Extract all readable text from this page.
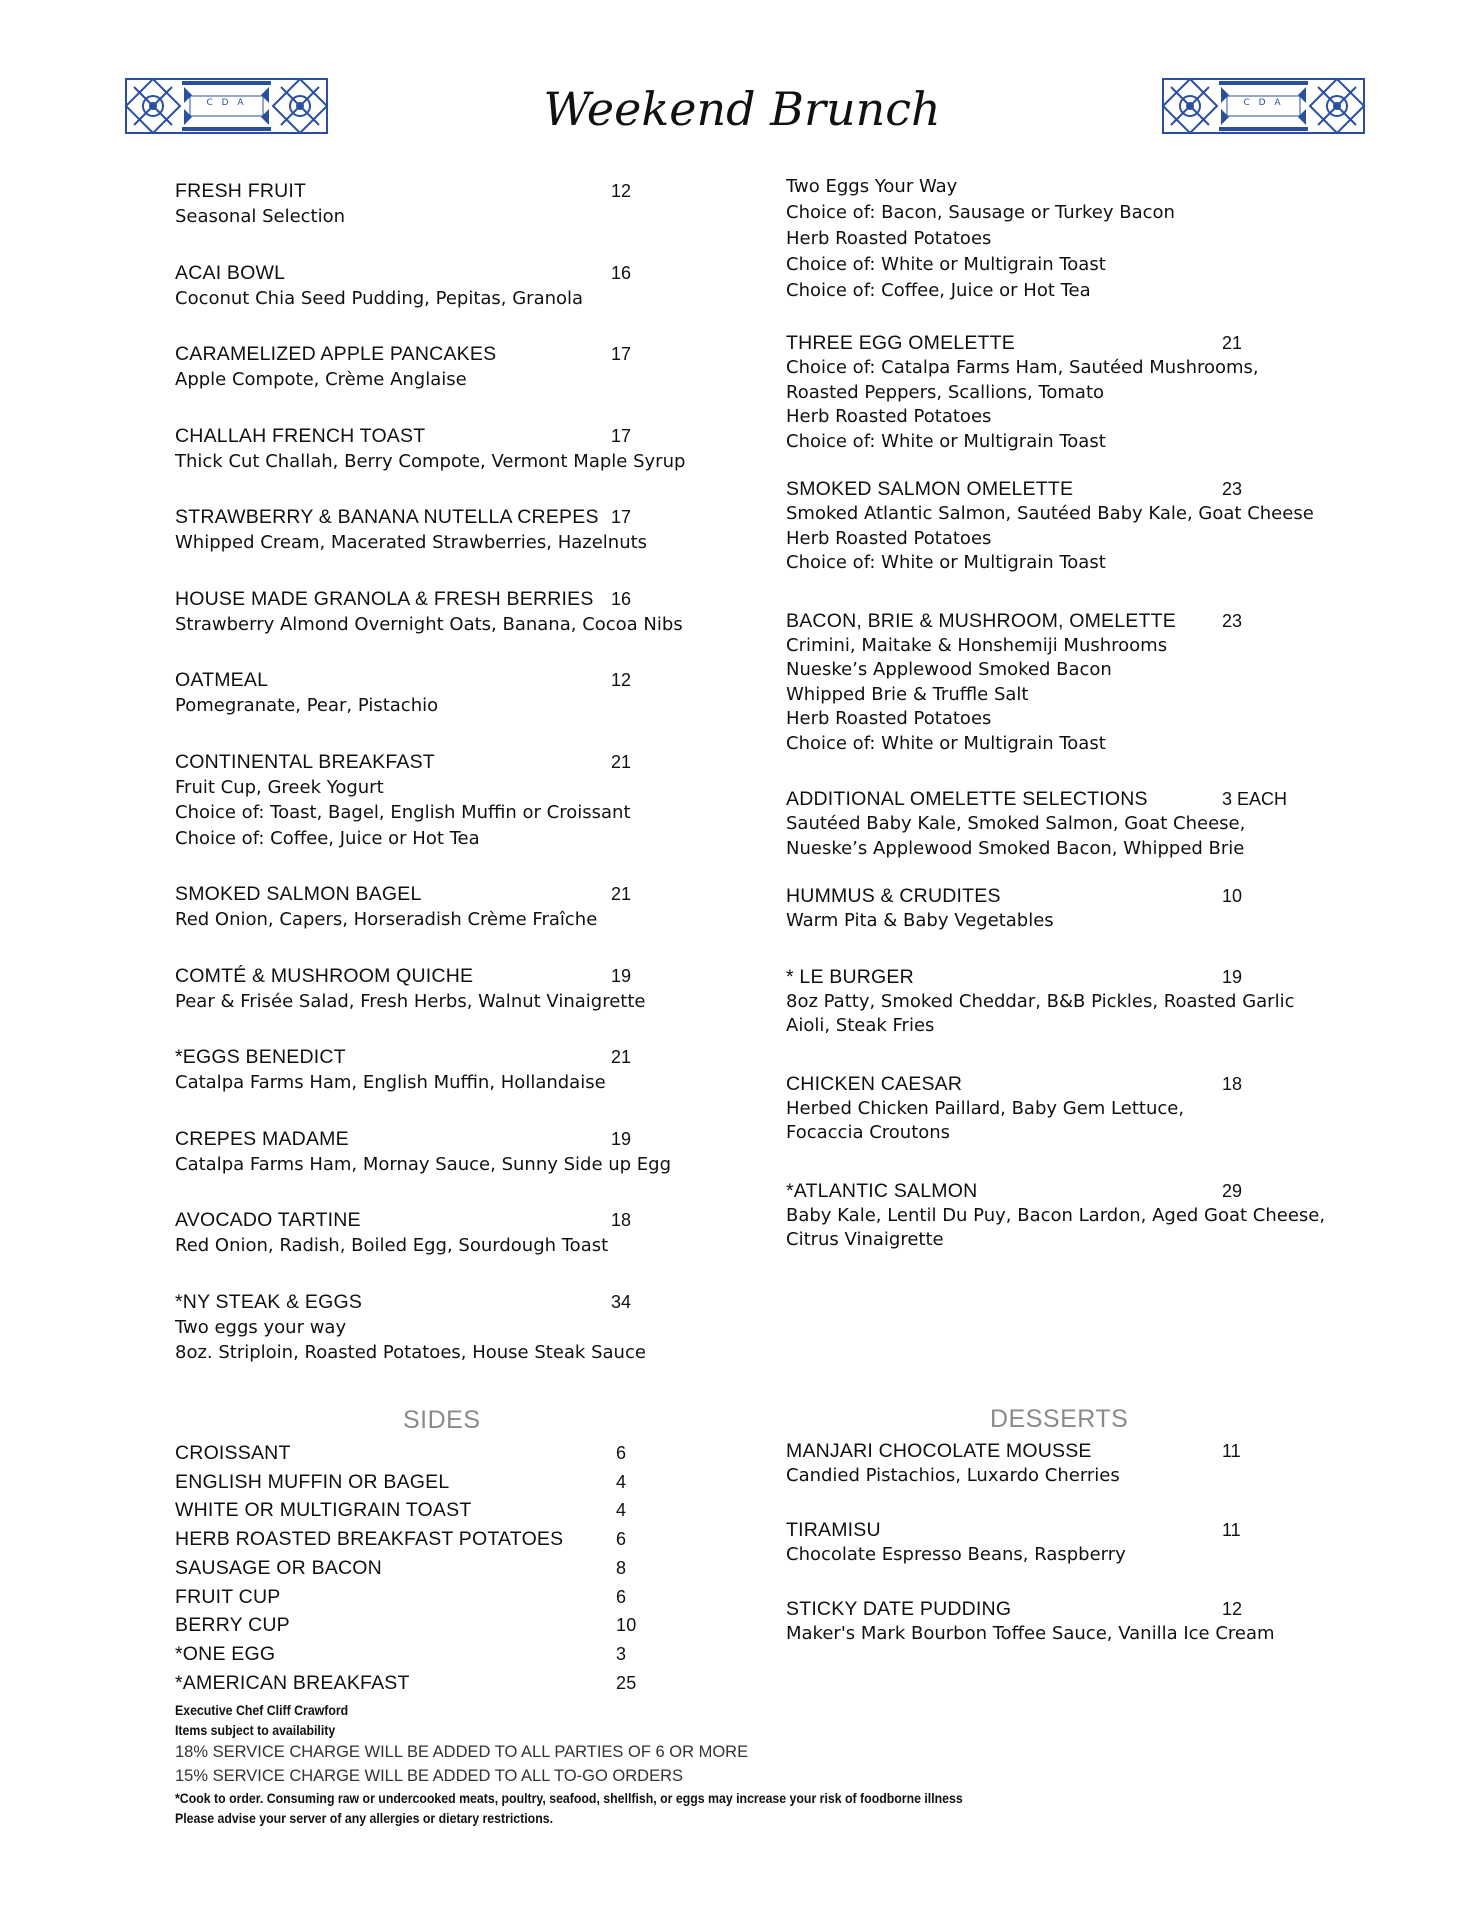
C D A	C D A
Weekend Brunch
FRESH FRUIT	12
Seasonal Selection
ACAI BOWL	16
Coconut Chia Seed Pudding, Pepitas, Granola
CARAMELIZED APPLE PANCAKES	17
Apple Compote, Crème Anglaise
CHALLAH FRENCH TOAST	17
Thick Cut Challah, Berry Compote, Vermont Maple Syrup
STRAWBERRY & BANANA NUTELLA CREPES 17
Whipped Cream, Macerated Strawberries, Hazelnuts
HOUSE MADE GRANOLA & FRESH BERRIES 16
Strawberry Almond Overnight Oats, Banana, Cocoa Nibs
OATMEAL	12
Pomegranate, Pear, Pistachio
CONTINENTAL BREAKFAST	21
Fruit Cup, Greek Yogurt
Choice of: Toast, Bagel, English Muffin or Croissant
Choice of: Coffee, Juice or Hot Tea
SMOKED SALMON BAGEL	21
Red Onion, Capers, Horseradish Crème Fraîche
COMTÉ & MUSHROOM QUICHE	19
Pear & Frisée Salad, Fresh Herbs, Walnut Vinaigrette
*EGGS BENEDICT	21
Catalpa Farms Ham, English Muffin, Hollandaise
CREPES MADAME	19
Catalpa Farms Ham, Mornay Sauce, Sunny Side up Egg
AVOCADO TARTINE	18
Red Onion, Radish, Boiled Egg, Sourdough Toast
*NY STEAK & EGGS	34
Two eggs your way
8oz. Striploin, Roasted Potatoes, House Steak Sauce
Two Eggs Your Way
Choice of: Bacon, Sausage or Turkey Bacon
Herb Roasted Potatoes
Choice of: White or Multigrain Toast
Choice of: Coffee, Juice or Hot Tea
THREE EGG OMELETTE	21
Choice of: Catalpa Farms Ham, Sautéed Mushrooms,
Roasted Peppers, Scallions, Tomato
Herb Roasted Potatoes
Choice of: White or Multigrain Toast
SMOKED SALMON OMELETTE	23
Smoked Atlantic Salmon, Sautéed Baby Kale, Goat Cheese
Herb Roasted Potatoes
Choice of: White or Multigrain Toast
BACON, BRIE & MUSHROOM, OMELETTE	23
Crimini, Maitake & Honshemiji Mushrooms
Nueske’s Applewood Smoked Bacon
Whipped Brie & Truffle Salt
Herb Roasted Potatoes
Choice of: White or Multigrain Toast
ADDITIONAL OMELETTE SELECTIONS	3 EACH
Sautéed Baby Kale, Smoked Salmon, Goat Cheese,
Nueske’s Applewood Smoked Bacon, Whipped Brie
HUMMUS & CRUDITES	10
Warm Pita & Baby Vegetables
* LE BURGER	19
8oz Patty, Smoked Cheddar, B&B Pickles, Roasted Garlic
Aioli, Steak Fries
CHICKEN CAESAR	18
Herbed Chicken Paillard, Baby Gem Lettuce,
Focaccia Croutons
*ATLANTIC SALMON	29
Baby Kale, Lentil Du Puy, Bacon Lardon, Aged Goat Cheese,
Citrus Vinaigrette
SIDES
CROISSANT	6
ENGLISH MUFFIN OR BAGEL	4
WHITE OR MULTIGRAIN TOAST	4
HERB ROASTED BREAKFAST POTATOES	6
SAUSAGE OR BACON	8
FRUIT CUP	6
BERRY CUP	10
*ONE EGG	3
*AMERICAN BREAKFAST	25
DESSERTS
MANJARI CHOCOLATE MOUSSE	11
Candied Pistachios, Luxardo Cherries
TIRAMISU	11
Chocolate Espresso Beans, Raspberry
STICKY DATE PUDDING	12
Maker's Mark Bourbon Toffee Sauce, Vanilla Ice Cream
Executive Chef Cliff Crawford
Items subject to availability
18% SERVICE CHARGE WILL BE ADDED TO ALL PARTIES OF 6 OR MORE
15% SERVICE CHARGE WILL BE ADDED TO ALL TO-GO ORDERS
*Cook to order. Consuming raw or undercooked meats, poultry, seafood, shellfish, or eggs may increase your risk of foodborne illness
Please advise your server of any allergies or dietary restrictions.
